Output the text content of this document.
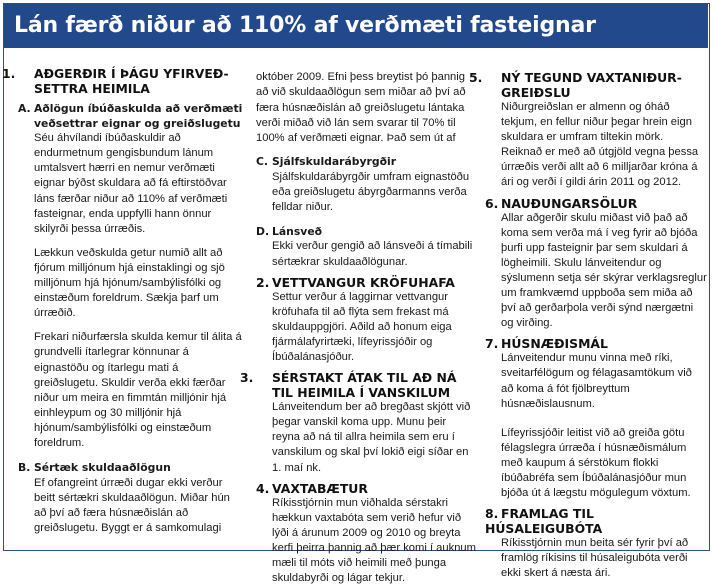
Lán færð niður að 110% af verðmæti fasteignar
1. AÐGERÐIR Í ÞÁGU YFIRVEÐ-SETTRA HEIMILA
A. Aðlögun íbúðaskulda að verðmæti veðsettrar eignar og greiðslugetu
Séu áhvílandi íbúðaskuldir að endurmetnum gengisbundum lánum umtalsvert hærri en nemur verðmæti eignar býðst skuldara að fá eftirstöðvar láns færðar niður að 110% af verðmæti fasteignar, enda uppfylli hann önnur skilyrði þessa úrræðis.
Lækkun veðskulda getur numið allt að fjórum milljónum hjá einstaklingi og sjö milljónum hjá hjónum/sambýlisfólki og einstæðum foreldrum. Sækja þarf um úrræðið.
Frekari niðurfærsla skulda kemur til álita á grundvelli ítarlegrar könnunar á eignastöðu og ítarlegu mati á greiðslugetu. Skuldir verða ekki færðar niður um meira en fimmtán milljónir hjá einhleypum og 30 milljónir hjá hjónum/sambýlisfólki og einstæðum foreldrum.
B. Sértæk skuldaaðlögun
Ef ofangreint úrræði dugar ekki verður beitt sértækri skuldaaðlögun. Miðar hún að því að færa húsnæðislán að greiðslugetu. Byggt er á samkomulagi
október 2009. Efni þess breytist þó þannig að við skuldaaðlögun sem miðar að því að færa húsnæðislán að greiðslugetu lántaka verði miðað við lán sem svarar til 70% til 100% af verðmæti eignar. Það sem út af
C. Sjálfskuldarábyrgðir
Sjálfskuldarábyrgðir umfram eignastöðu eða greiðslugetu ábyrgðarmanns verða felldar niður.
D. Lánsveð
Ekki verður gengið að lánsveði á tímabili sértækrar skuldaaðlögunar.
2. VETTVANGUR KRÖFUHAFA
Settur verður á laggirnar vettvangur kröfuhafa til að flýta sem frekast má skuldauppgjöri. Aðild að honum eiga fjármálafyrirtæki, lífeyrissjóðir og Íbúðalánasjóður.
3. SÉRSTAKT ÁTAK TIL AÐ NÁ TIL HEIMILA Í VANSKILUM
Lánveitendum ber að bregðast skjótt við þegar vanskil koma upp. Munu þeir reyna að ná til allra heimila sem eru í vanskilum og skal því lokið eigi síðar en 1. maí nk.
4. VAXTABÆTUR
Ríkisstjórnin mun viðhalda sérstakri hækkun vaxtabóta sem verið hefur við lýði á árunum 2009 og 2010 og breyta kerfi þeirra þannig að þær komi í auknum mæli til móts við heimili með þunga skuldabyrði og lágar tekjur.
5. NÝ TEGUND VAXTANIÐUR-GREIÐSLU
Niðurgreiðslan er almenn og óháð tekjum, en fellur niður þegar hrein eign skuldara er umfram tiltekin mörk. Reiknað er með að útgjöld vegna þessa úrræðis verði allt að 6 milljarðar króna á ári og verði í gildi árin 2011 og 2012.
6. NAUÐUNGARSÖLUR
Allar aðgerðir skulu miðast við það að koma sem verða má í veg fyrir að bjóða þurfi upp fasteignir þar sem skuldari á lögheimili. Skulu lánveitendur og sýslumenn setja sér skýrar verklagsreglur um framkvæmd uppboða sem miða að því að gerðarþola verði sýnd nærgætni og virðing.
7. HÚSNÆÐISMÁL
Lánveitendur munu vinna með ríki, sveitarfélögum og félagasamtökum við að koma á fót fjölbreyttum húsnæðislausnum.
Lífeyrissjóðir leitist við að greiða götu félagslegra úrræða í húsnæðismálum með kaupum á sérstökum flokki íbúðabréfa sem Íbúðalánasjóður mun bjóða út á lægstu mögulegum vöxtum.
8. FRAMLAG TIL HÚSALEIGUBÓTA
Ríkisstjórnin mun beita sér fyrir því að framlög ríkisins til húsaleigubóta verði ekki skert á næsta ári.
